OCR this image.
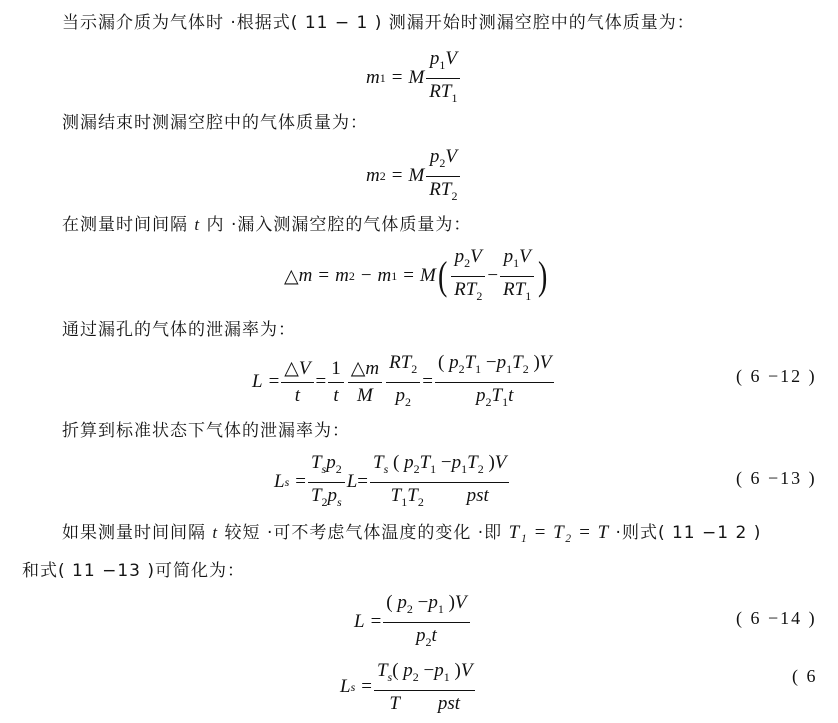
当示漏介质为气体时 ·根据式( 11 − 1 ) 测漏开始时测漏空腔中的气体质量为：
m 1 = M $\frac{p_1V}{RT_1}$
测漏结束时测漏空腔中的气体质量为：
m 2 = M $\frac{p_2V}{RT_2}$
在测量时间间隔 t 内 ·漏入测漏空腔的气体质量为：
△ m = m 2 − m 1 = M ( $\frac{p_2V}{RT_2} - \frac{p_1V}{RT_1}$ )
通过漏孔的气体的泄漏率为：
$L = \frac{\triangle V}{t} = \frac{1}{t} \frac{\triangle m}{M} \frac{RT_2}{p_2} = \frac{( p_2T_1 -p_1T_2 )V}{p_2T_1t}$	( 6 −12 )
折算到标准状态下气体的泄漏率为：
L $s = \frac{T_sp_2}{T_2p_s}$ $L = \frac{T_s ( p_2T_1 -p_1T_2 )V}{T_1T_2 pst}$	( 6 −13 )
如果测量时间间隔 t 较短 ·可不考虑气体温度的变化 ·即 T₁ = T₂ = T ·则式( 11 −1 2 )
和式( 11 −13 )可简化为：
$L = \frac{( p_2 -p_1 )V}{p_2t}$	( 6 −14 )
L $s = \frac{T_s( p_2 -p_1 )V}{\text{T pst}}$	( 6
